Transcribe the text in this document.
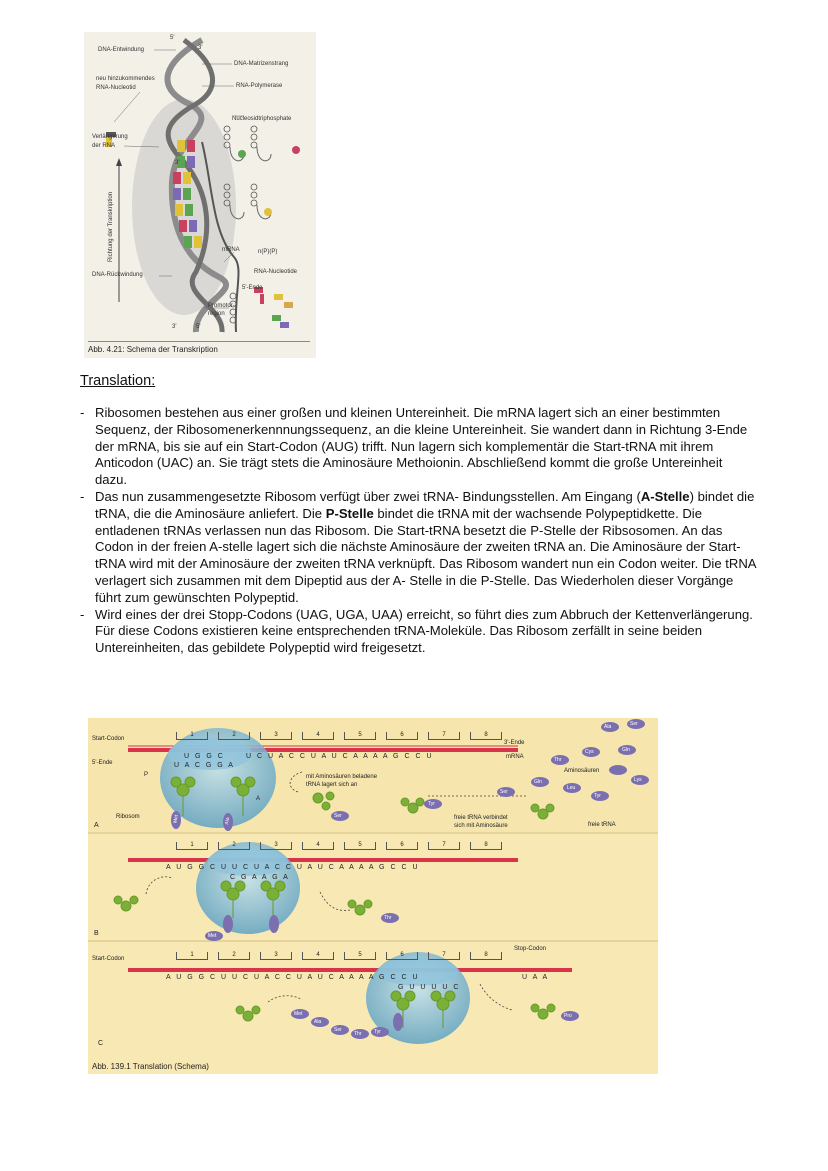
DNA-Entwindung
5'
3'
DNA-Matrizenstrang
neu hinzukommendes
RNA-Nucleotid	RNA-Polymerase
Nucleosidtriphosphate
Verlängerung
der RNA
3'
Richtung der Transkription	mRNA	n(P)(P)
DNA-Rückwindung	RNA-Nucleotide
5'-Ende
Promotor-
region
3'	5'
Abb. 4.21: Schema der Transkription
Translation:
- Ribosomen bestehen aus einer großen und kleinen Untereinheit. Die mRNA lagert sich an einer bestimmten Sequenz, der Ribosomenerkennnungssequenz, an die kleine Untereinheit. Sie wandert dann in Richtung 3-Ende der mRNA, bis sie auf ein Start-Codon (AUG) trifft. Nun lagern sich komplementär die Start-tRNA mit ihrem Anticodon (UAC) an. Sie trägt stets die Aminosäure Methoionin. Abschließend kommt die große Untereinheit dazu.
- Das nun zusammengesetzte Ribosom verfügt über zwei tRNA- Bindungsstellen. Am Eingang (A-Stelle) bindet die tRNA, die die Aminosäure anliefert. Die P-Stelle bindet die tRNA mit der wachsende Polypeptidkette. Die entladenen tRNAs verlassen nun das Ribosom. Die Start-tRNA besetzt die P-Stelle der Ribsosomen. An das Codon in der freien A-stelle lagert sich die nächste Aminosäure der zweiten tRNA an. Die Aminosäure der Start-tRNA wird mit der Aminosäure der zweiten tRNA verknüpft. Das Ribosom wandert nun ein Codon weiter. Die tRNA verlagert sich zusammen mit dem Dipeptid aus der A- Stelle in die P-Stelle. Das Wiederholen dieser Vorgänge führt zum gewünschten Polypeptid.
- Wird eines der drei Stopp-Codons (UAG, UGA, UAA) erreicht, so führt dies zum Abbruch der Kettenverlängerung. Für diese Codons existieren keine entsprechenden tRNA-Moleküle. Das Ribosom zerfällt in seine beiden Untereinheiten, das gebildete Polypeptid wird freigesetzt.
1	2	3	4	5	6	7	8
1	2	3	4	5	6	7	8
1	2	3	4	5	6	7	8
U G G C	U C U A C C U A U C A A A A G C C U
U A C G G A
A U G G C U U C U A C C U A U C A A A A G C C U
C G A A G A
A U G G C U U C U A C C U A U C A A A A G C C U
G U U U U C
U A A
Start-Codon
5'-Ende
3'-Ende
mRNA
P
A
Ribosom
A
mit Aminosäuren beladene
tRNA lagert sich an
freie tRNA verbindet
sich mit Aminosäure
Aminosäuren
freie tRNA
B
Start-Codon
Stop-Codon
C
Met	Ala
Ser
Tyr
Ser
Thr
Cys	Gln
Ala	Ser
Gln
Leu
Tyr
Lys
Met
Thr
Met
Ala
Ser
Thr	Tyr
Pro
Abb. 139.1 Translation (Schema)
